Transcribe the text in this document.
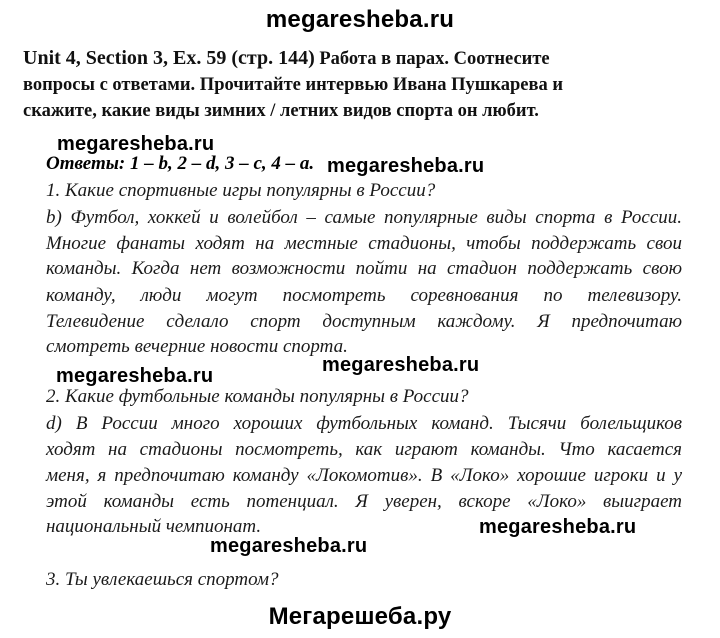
megaresheba.ru

Unit 4, Section 3, Ex. 59 (стр. 144) Работа в парах. Соотнесите

вопросы с ответами. Прочитайте интервью Ивана Пушкарева и

скажите, какие виды зимних / летних видов спорта он любит.

megaresheba.ru
Ответы: 1 – b, 2 – d, 3 – c, 4 – a. megaresheba.ru
1. Какие спортивные игры популярны в России?
b) Футбол, хоккей и волейбол – самые популярные виды спорта в России.
Многие фанаты ходят на местные стадионы, чтобы поддержать свои
команды. Когда нет возможности пойти на стадион поддержать свою
команду, люди могут посмотреть соревнования по телевизору.
Телевидение сделало спорт доступным каждому. Я предпочитаю
смотреть вечерние новости спорта.
megaresheba.ru
megaresheba.ru
2. Какие футбольные команды популярны в России?
d) В России много хороших футбольных команд. Тысячи болельщиков
ходят на стадионы посмотреть, как играют команды. Что касается
меня, я предпочитаю команду «Локомотив». В «Локо» хорошие игроки и у
этой команды есть потенциал. Я уверен, вскоре «Локо» выиграет
национальный чемпионат.	megaresheba.ru
megaresheba.ru
3. Ты увлекаешься спортом?
Мегарешеба.ру
